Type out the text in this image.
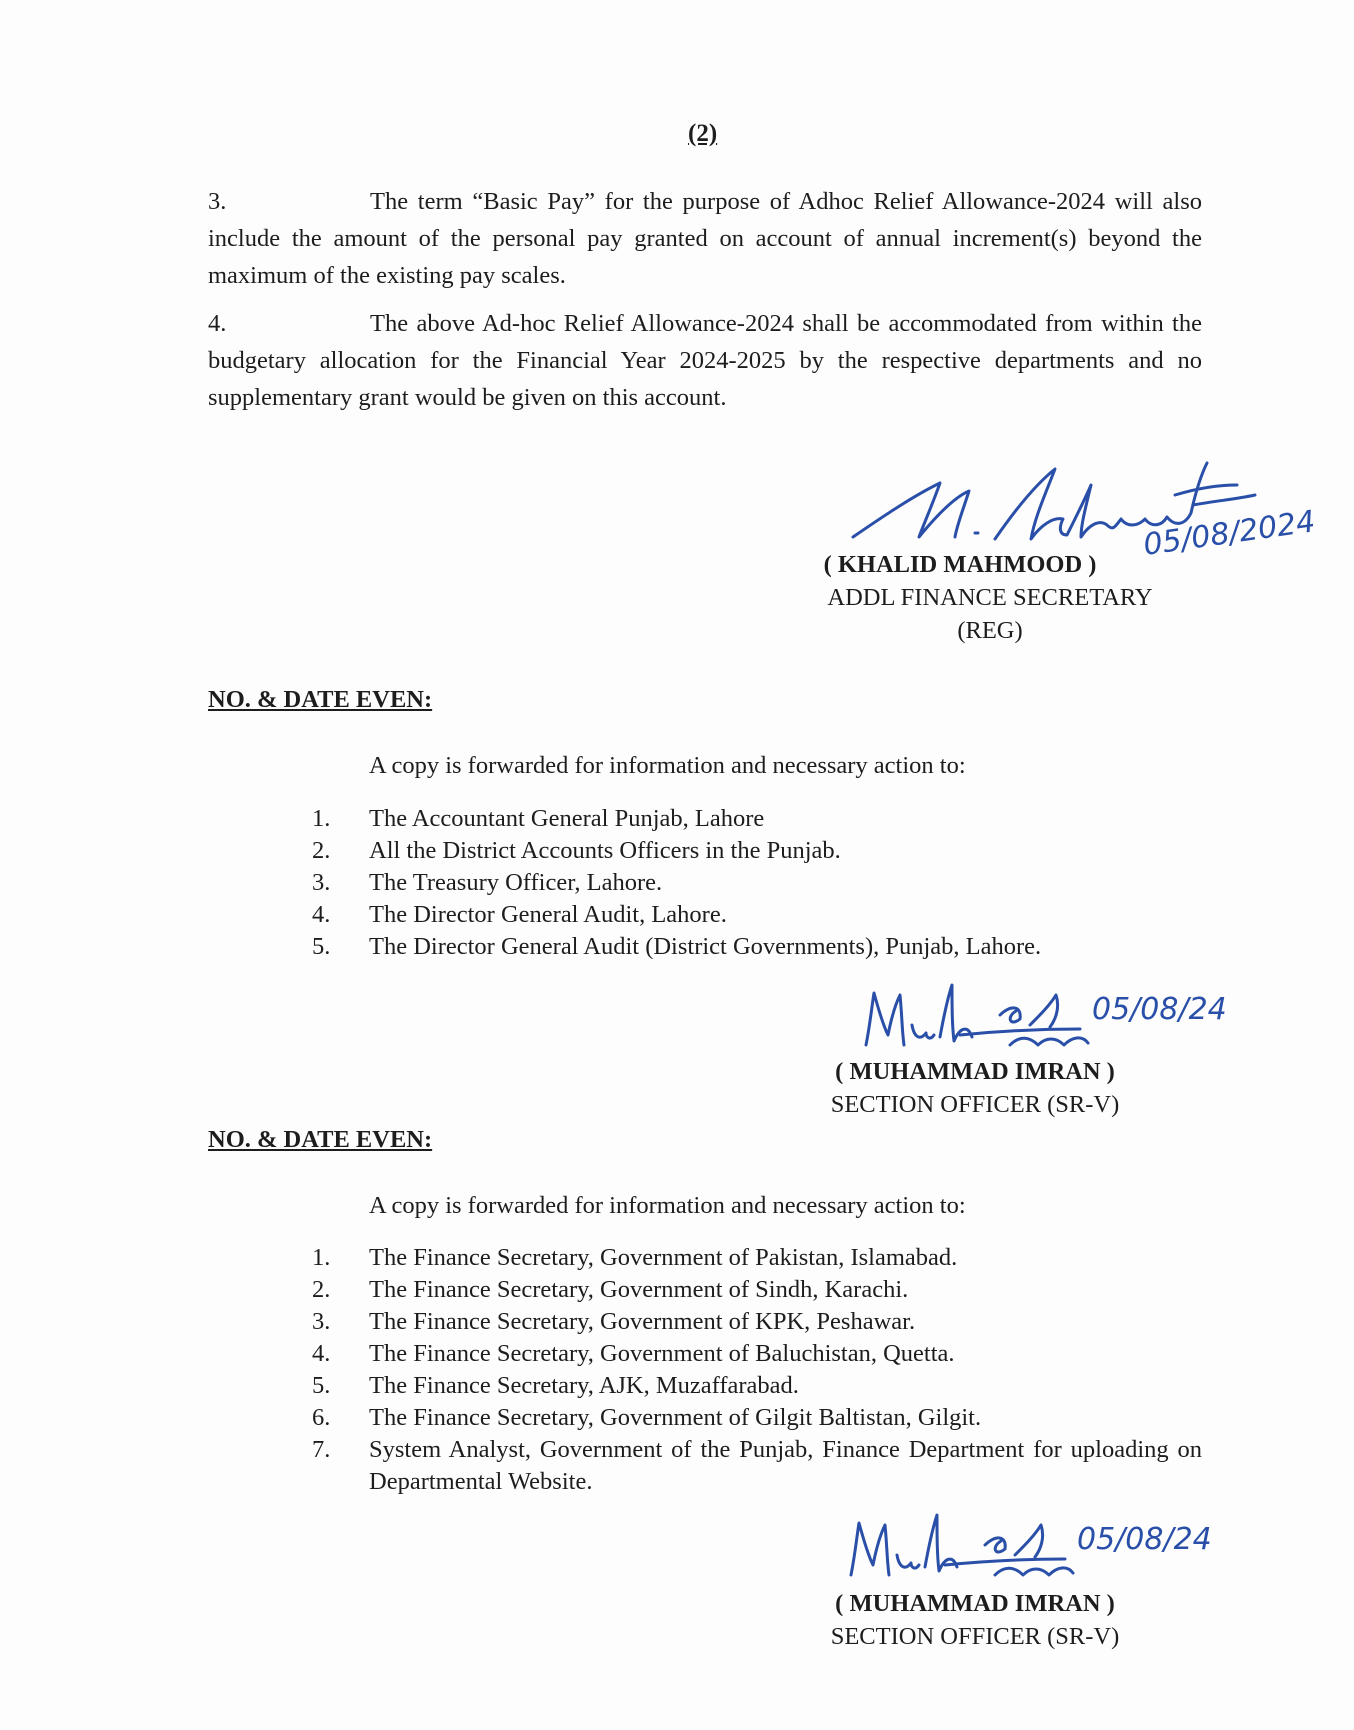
(2)

3.	The term “Basic Pay” for the purpose of Adhoc Relief Allowance-2024 will also include the amount of the personal pay granted on account of annual increment(s) beyond the maximum of the existing pay scales.

4.	The above Ad-hoc Relief Allowance-2024 shall be accommodated from within the budgetary allocation for the Financial Year 2024-2025 by the respective departments and no supplementary grant would be given on this account.

05/08/2024
( KHALID MAHMOOD )
ADDL FINANCE SECRETARY
(REG)
NO. & DATE EVEN:
A copy is forwarded for information and necessary action to:
1.	The Accountant General Punjab, Lahore
2.	All the District Accounts Officers in the Punjab.
3.	The Treasury Officer, Lahore.
4.	The Director General Audit, Lahore.
5.	The Director General Audit (District Governments), Punjab, Lahore.
05/08/24
( MUHAMMAD IMRAN )
SECTION OFFICER (SR-V)
NO. & DATE EVEN:
A copy is forwarded for information and necessary action to:
1.	The Finance Secretary, Government of Pakistan, Islamabad.
2.	The Finance Secretary, Government of Sindh, Karachi.
3.	The Finance Secretary, Government of KPK, Peshawar.
4.	The Finance Secretary, Government of Baluchistan, Quetta.
5.	The Finance Secretary, AJK, Muzaffarabad.
6.	The Finance Secretary, Government of Gilgit Baltistan, Gilgit.
7.	System Analyst, Government of the Punjab, Finance Department for uploading on Departmental Website.
05/08/24
( MUHAMMAD IMRAN )
SECTION OFFICER (SR-V)
